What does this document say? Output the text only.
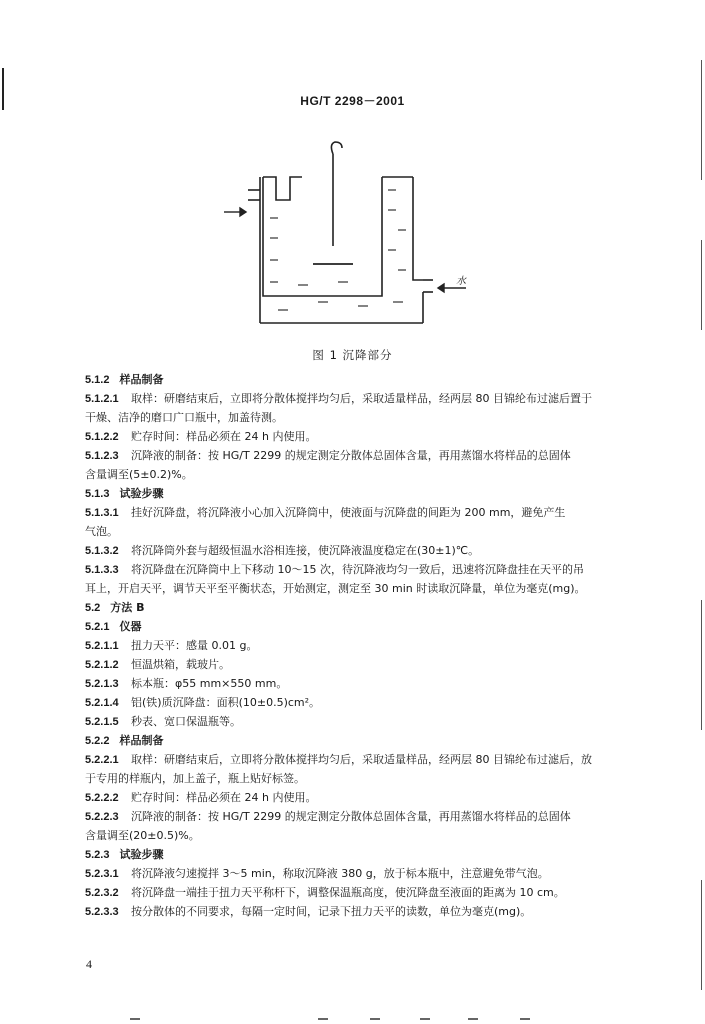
HG/T 2298－2001
水
图 1 沉降部分
5.1.2 样品制备
5.1.2.1 取样：研磨结束后，立即将分散体搅拌均匀后，采取适量样品，经两层 80 目锦纶布过滤后置于
干燥、洁净的磨口广口瓶中，加盖待测。
5.1.2.2 贮存时间：样品必须在 24 h 内使用。
5.1.2.3 沉降液的制备：按 HG/T 2299 的规定测定分散体总固体含量，再用蒸馏水将样品的总固体
含量调至(5±0.2)%。
5.1.3 试验步骤
5.1.3.1 挂好沉降盘，将沉降液小心加入沉降筒中，使液面与沉降盘的间距为 200 mm，避免产生
气泡。
5.1.3.2 将沉降筒外套与超级恒温水浴相连接，使沉降液温度稳定在(30±1)℃。
5.1.3.3 将沉降盘在沉降筒中上下移动 10～15 次，待沉降液均匀一致后，迅速将沉降盘挂在天平的吊
耳上，开启天平，调节天平至平衡状态，开始测定，测定至 30 min 时读取沉降量，单位为毫克(mg)。
5.2 方法 B
5.2.1 仪器
5.2.1.1 扭力天平：感量 0.01 g。
5.2.1.2 恒温烘箱，载玻片。
5.2.1.3 标本瓶：φ55 mm×550 mm。
5.2.1.4 铝(铁)质沉降盘：面积(10±0.5)cm²。
5.2.1.5 秒表、宽口保温瓶等。
5.2.2 样品制备
5.2.2.1 取样：研磨结束后，立即将分散体搅拌均匀后，采取适量样品，经两层 80 目锦纶布过滤后，放
于专用的样瓶内，加上盖子，瓶上贴好标签。
5.2.2.2 贮存时间：样品必须在 24 h 内使用。
5.2.2.3 沉降液的制备：按 HG/T 2299 的规定测定分散体总固体含量，再用蒸馏水将样品的总固体
含量调至(20±0.5)%。
5.2.3 试验步骤
5.2.3.1 将沉降液匀速搅拌 3～5 min，称取沉降液 380 g，放于标本瓶中，注意避免带气泡。
5.2.3.2 将沉降盘一端挂于扭力天平称杆下，调整保温瓶高度，使沉降盘至液面的距离为 10 cm。
5.2.3.3 按分散体的不同要求，每隔一定时间，记录下扭力天平的读数，单位为毫克(mg)。
4
